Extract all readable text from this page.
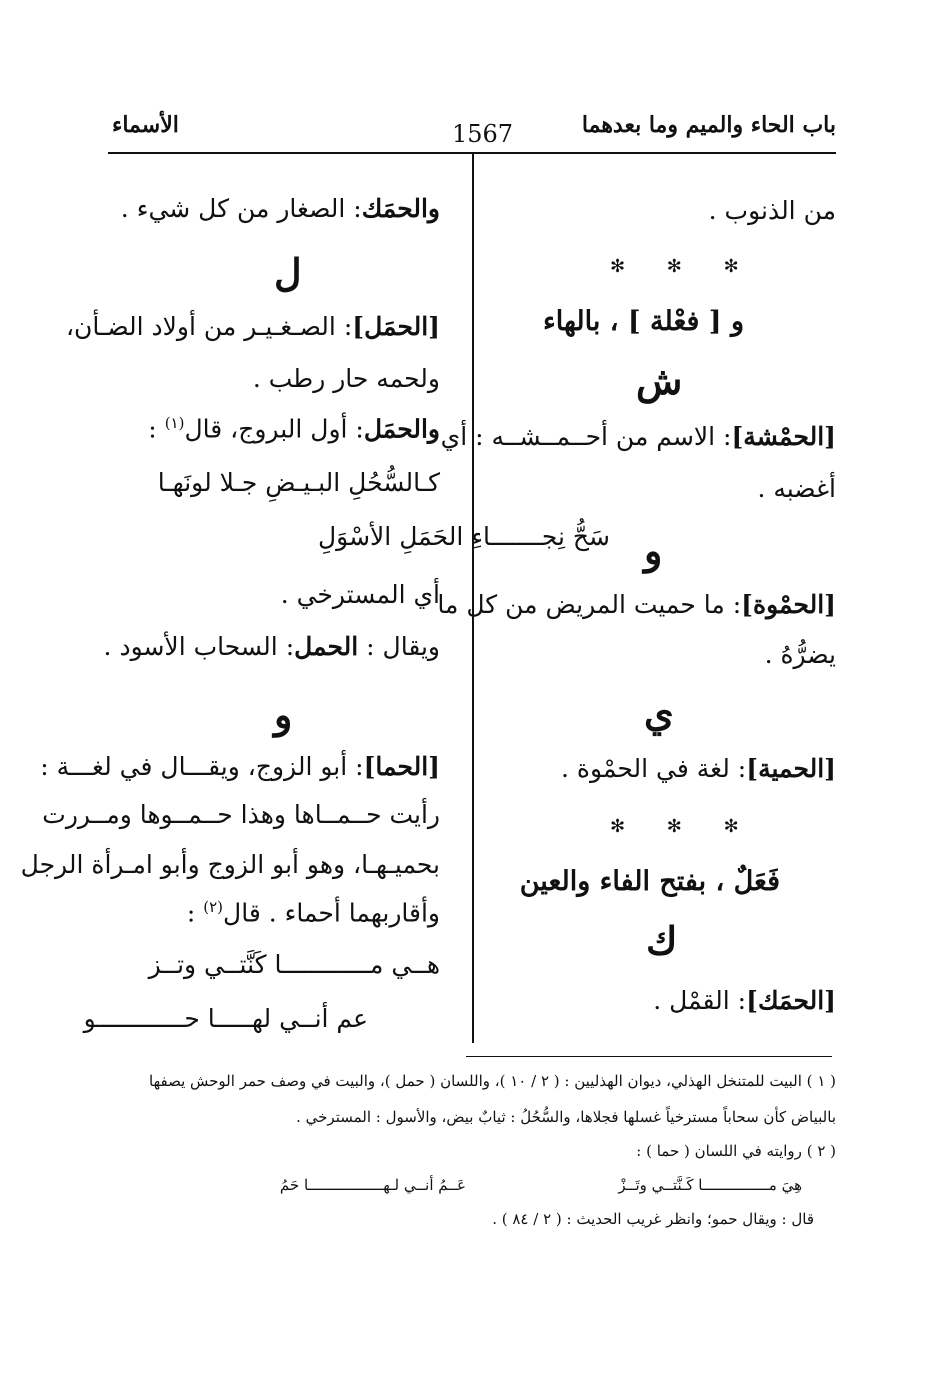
باب الحاء والميم وما بعدهما
1567
الأسماء
من الذنوب .
✻ ✻ ✻
و [ فعْلة ] ، بالهاء
ش
[الحمْشة]: الاسم من أحــمــشــه : أي
أغضبه .
و
[الحمْوة]: ما حميت المريض من كل ما
يضرُّهُ .
ي
[الحمية]: لغة في الحمْوة .
✻ ✻ ✻
فَعَلٌ ، بفتح الفاء والعين
ك
[الحمَك]: القمْل .
والحمَك: الصغار من كل شيء .
ل
[الحمَل]: الصـغـيـر من أولاد الضـأن،
ولحمه حار رطب .
والحمَل: أول البروج، قال$^{(١)}$ :
كـالسُّحُلِ البـيـضِ جـلا لونَهـا
سَحُّ نِجـــــــاءِ الحَمَلِ الأسْوَلِ
أي المسترخي .
ويقال : الحمل: السحاب الأسود .
و
[الحما]: أبو الزوج، ويقـــال في لغـــة :
رأيت حــمــاها وهذا حــمــوها ومــررت
بحميـهـا، وهو أبو الزوج وأبو امـرأة الرجل
وأقاربهما أحماء . قال$^{(٢)}$ :
هــي مــــــــــــا كَنَّتــي وتــز
عم أنــي لهـــــا حــــــــــــو
( ١ ) البيت للمتنخل الهذلي، ديوان الهذليين : ( ٢ / ١٠ )، واللسان ( حمل )، والبيت في وصف حمر الوحش يصفها
بالبياض كأن سحاباً مسترخياً غسلها فجلاها، والسُّحُلُ : ثيابٌ بيض، والأسول : المسترخي .
( ٢ ) روايته في اللسان ( حما ) :
هِيَ مـــــــــــــــا كَـنَّتــي وتَــزْ
عَــمُ أنــي لـهـــــــــــــــــا حَمُ
قال : ويقال حمو؛ وانظر غريب الحديث : ( ٢ / ٨٤ ) .
